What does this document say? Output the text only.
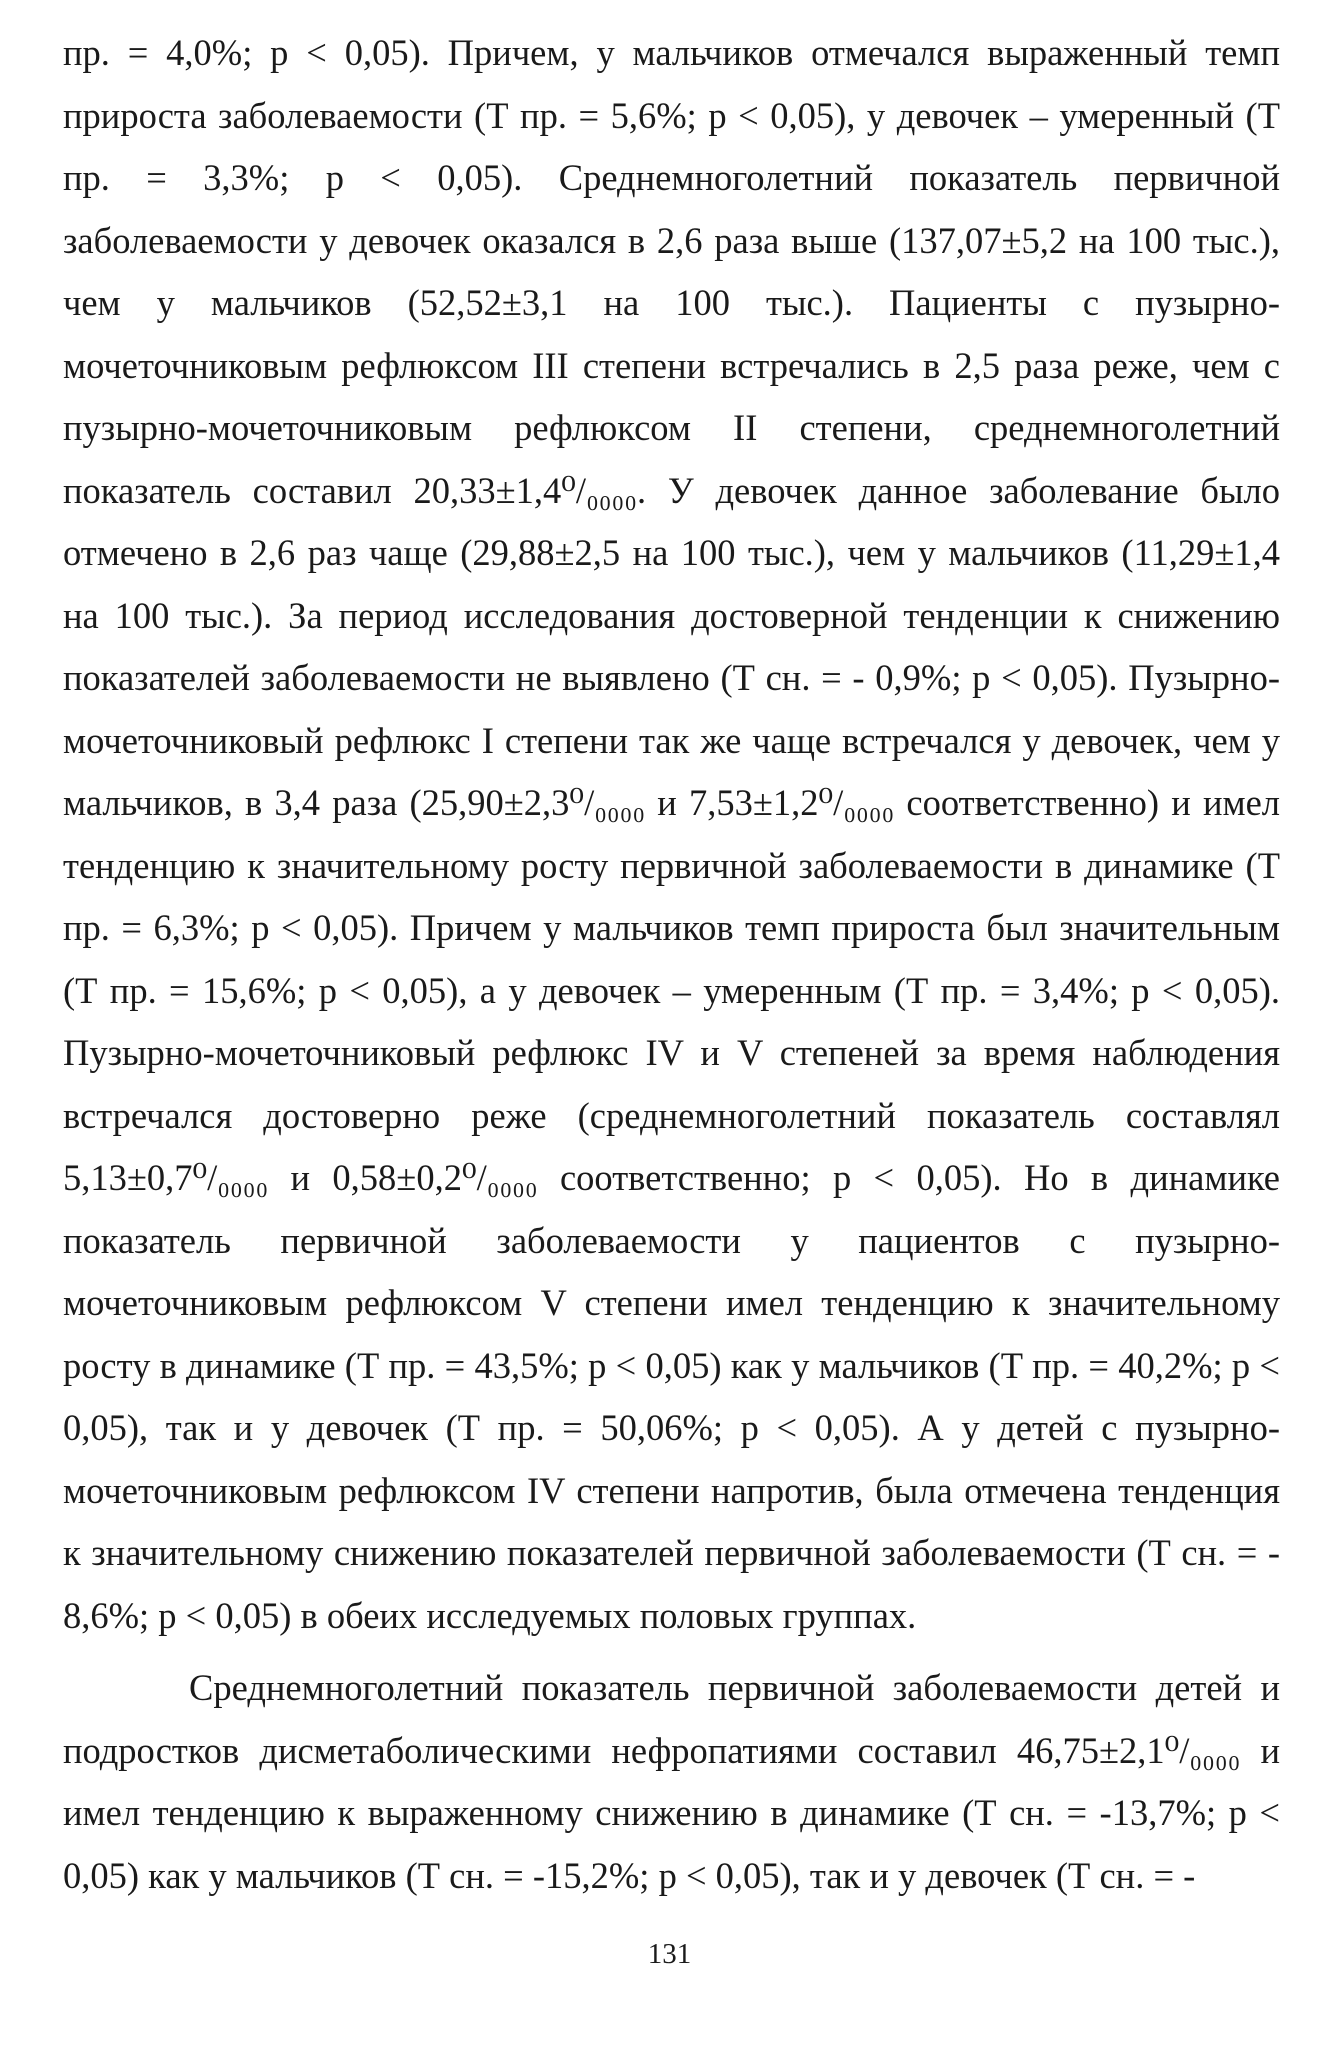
пр. = 4,0%; р < 0,05). Причем, у мальчиков отмечался выраженный темп прироста заболеваемости (Т пр. = 5,6%; р < 0,05), у девочек – умеренный (Т пр. = 3,3%; р < 0,05). Среднемноголетний показатель первичной заболеваемости у девочек оказался в 2,6 раза выше (137,07±5,2 на 100 тыс.), чем у мальчиков (52,52±3,1 на 100 тыс.). Пациенты с пузырно-мочеточниковым рефлюксом III степени встречались в 2,5 раза реже, чем с пузырно-мочеточниковым рефлюксом II степени, среднемноголетний показатель составил 20,33±1,4⁰/₀₀₀₀. У девочек данное заболевание было отмечено в 2,6 раз чаще (29,88±2,5 на 100 тыс.), чем у мальчиков (11,29±1,4 на 100 тыс.). За период исследования достоверной тенденции к снижению показателей заболеваемости не выявлено (Т сн. = - 0,9%; р < 0,05). Пузырно-мочеточниковый рефлюкс I степени так же чаще встречался у девочек, чем у мальчиков, в 3,4 раза (25,90±2,3⁰/₀₀₀₀ и 7,53±1,2⁰/₀₀₀₀ соответственно) и имел тенденцию к значительному росту первичной заболеваемости в динамике (Т пр. = 6,3%; р < 0,05). Причем у мальчиков темп прироста был значительным (Т пр. = 15,6%; р < 0,05), а у девочек – умеренным (Т пр. = 3,4%; р < 0,05). Пузырно-мочеточниковый рефлюкс IV и V степеней за время наблюдения встречался достоверно реже (среднемноголетний показатель составлял 5,13±0,7⁰/₀₀₀₀ и 0,58±0,2⁰/₀₀₀₀ соответственно; р < 0,05). Но в динамике показатель первичной заболеваемости у пациентов с пузырно-мочеточниковым рефлюксом V степени имел тенденцию к значительному росту в динамике (Т пр. = 43,5%; р < 0,05) как у мальчиков (Т пр. = 40,2%; р < 0,05), так и у девочек (Т пр. = 50,06%; р < 0,05). А у детей с пузырно-мочеточниковым рефлюксом IV степени напротив, была отмечена тенденция к значительному снижению показателей первичной заболеваемости (Т сн. = - 8,6%; р < 0,05) в обеих исследуемых половых группах.

Среднемноголетний показатель первичной заболеваемости детей и подростков дисметаболическими нефропатиями составил 46,75±2,1⁰/₀₀₀₀ и имел тенденцию к выраженному снижению в динамике (Т сн. = -13,7%; р < 0,05) как у мальчиков (Т сн. = -15,2%; р < 0,05), так и у девочек (Т сн. = -

131
